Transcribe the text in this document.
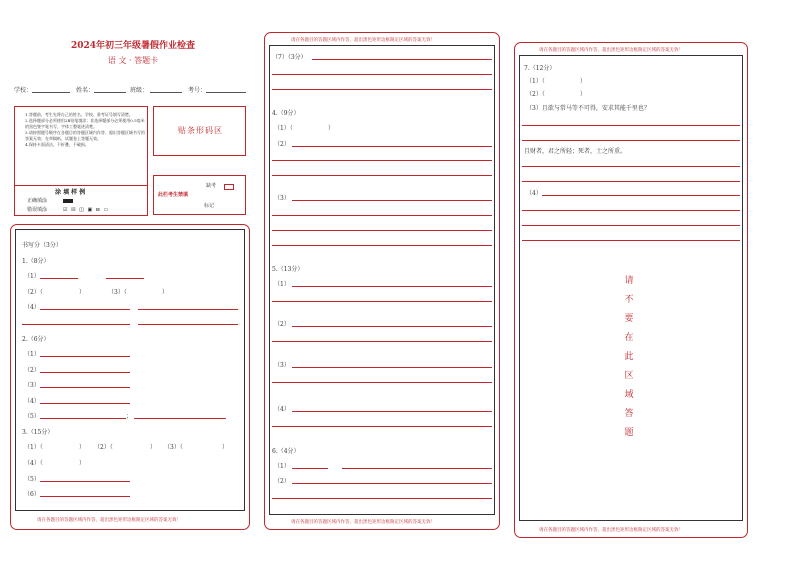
2024年初三年级暑假作业检查
语 文 · 答题卡
学校：	姓名：	班级：	考号：
1.答题前，考生先将自己的姓名、学校、准考证号填写清楚。
2.选择题部分必须使用2B铅笔填涂；非选择题部分必须使用0.5毫米的黑色签字笔书写，字体工整笔迹清楚。
3.请按照题号顺序在各题目的答题区域内作答，超出答题区域书写的答案无效；在草稿纸、试题卷上答题无效。
4.保持卡面清洁，不折叠，不破损。
涂 填 样 例
正确填涂
错误填涂	☑ ☒ ◫ ▣ ⊟ ▭
贴条形码区
此栏考生禁填
缺考
标记
请在各题目的答题区域内作答，超出黑色矩形边框限定区域的答案无效！
书写分（3分）
1.（8分）
（1）
（2）（	）	（3）（	）
（4）
2.（6分）
（1）
（2）
（3）
（4）
（5）	；
3.（15分）
（1）（	） （2）（	） （3）（	）
（4）（	）
（5）
（6）
请在各题目的答题区域内作答，超出黑色矩形边框限定区域的答案无效！
请在各题目的答题区域内作答，超出黑色矩形边框限定区域的答案无效！
（7）（3分）
4.（9分）
（1）（	）
（2）
（3）
5.（13分）
（1）
（2）
（3）
（4）
6.（4分）
（1）
（2）
请在各题目的答题区域内作答，超出黑色矩形边框限定区域的答案无效！
请在各题目的答题区域内作答，超出黑色矩形边框限定区域的答案无效！
7.（12分）
（1）（	）
（2）（	）
（3）且欲与常马等不可得，安求其能千里也？
且财者，君之所轻；死者，士之所重。
（4）
请
不
要
在
此
区
域
答
题
